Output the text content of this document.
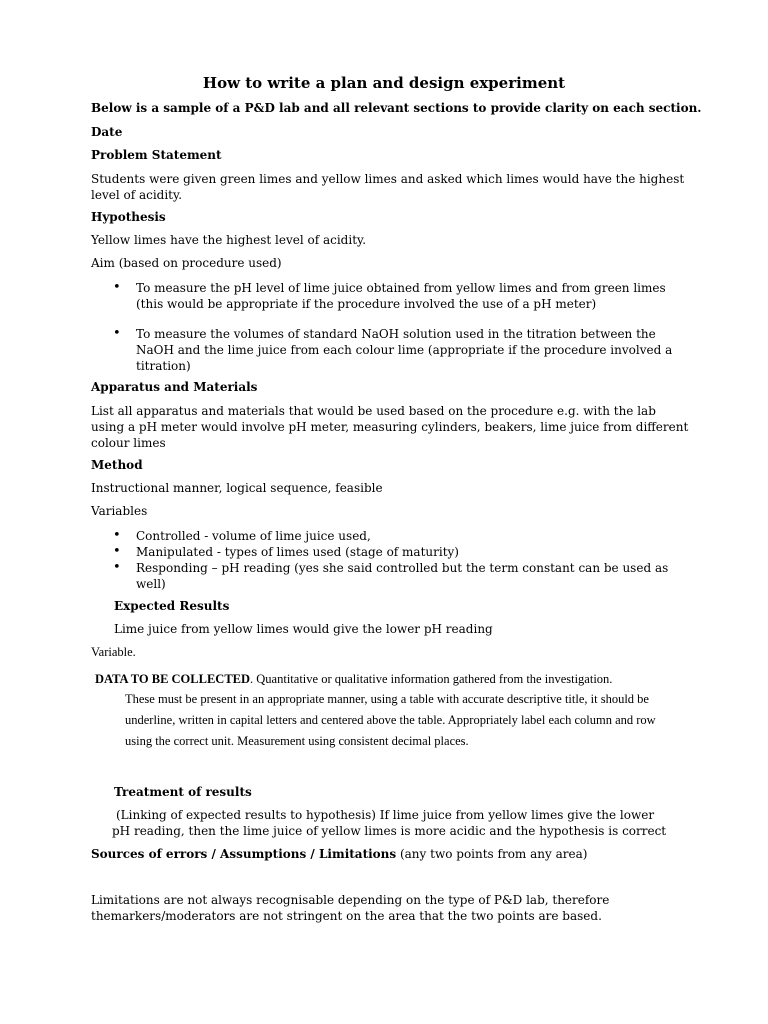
How to write a plan and design experiment
Below is a sample of a P&D lab and all relevant sections to provide clarity on each section.
Date
Problem Statement
Students were given green limes and yellow limes and asked which limes would have the highest level of acidity.
Hypothesis
Yellow limes have the highest level of acidity.
Aim (based on procedure used)
• To measure the pH level of lime juice obtained from yellow limes and from green limes (this would be appropriate if the procedure involved the use of a pH meter)
• To measure the volumes of standard NaOH solution used in the titration between the NaOH and the lime juice from each colour lime (appropriate if the procedure involved a titration)
Apparatus and Materials
List all apparatus and materials that would be used based on the procedure e.g. with the lab using a pH meter would involve pH meter, measuring cylinders, beakers, lime juice from different colour limes
Method
Instructional manner, logical sequence, feasible
Variables
• Controlled - volume of lime juice used,
• Manipulated - types of limes used (stage of maturity)
• Responding – pH reading (yes she said controlled but the term constant can be used as well)
Expected Results
Lime juice from yellow limes would give the lower pH reading
Variable.
DATA TO BE COLLECTED. Quantitative or qualitative information gathered from the investigation.
These must be present in an appropriate manner, using a table with accurate descriptive title, it should be underline, written in capital letters and centered above the table. Appropriately label each column and row using the correct unit. Measurement using consistent decimal places.
Treatment of results
(Linking of expected results to hypothesis) If lime juice from yellow limes give the lower
pH reading, then the lime juice of yellow limes is more acidic and the hypothesis is correct
Sources of errors / Assumptions / Limitations (any two points from any area)
Limitations are not always recognisable depending on the type of P&D lab, therefore themarkers/moderators are not stringent on the area that the two points are based.
